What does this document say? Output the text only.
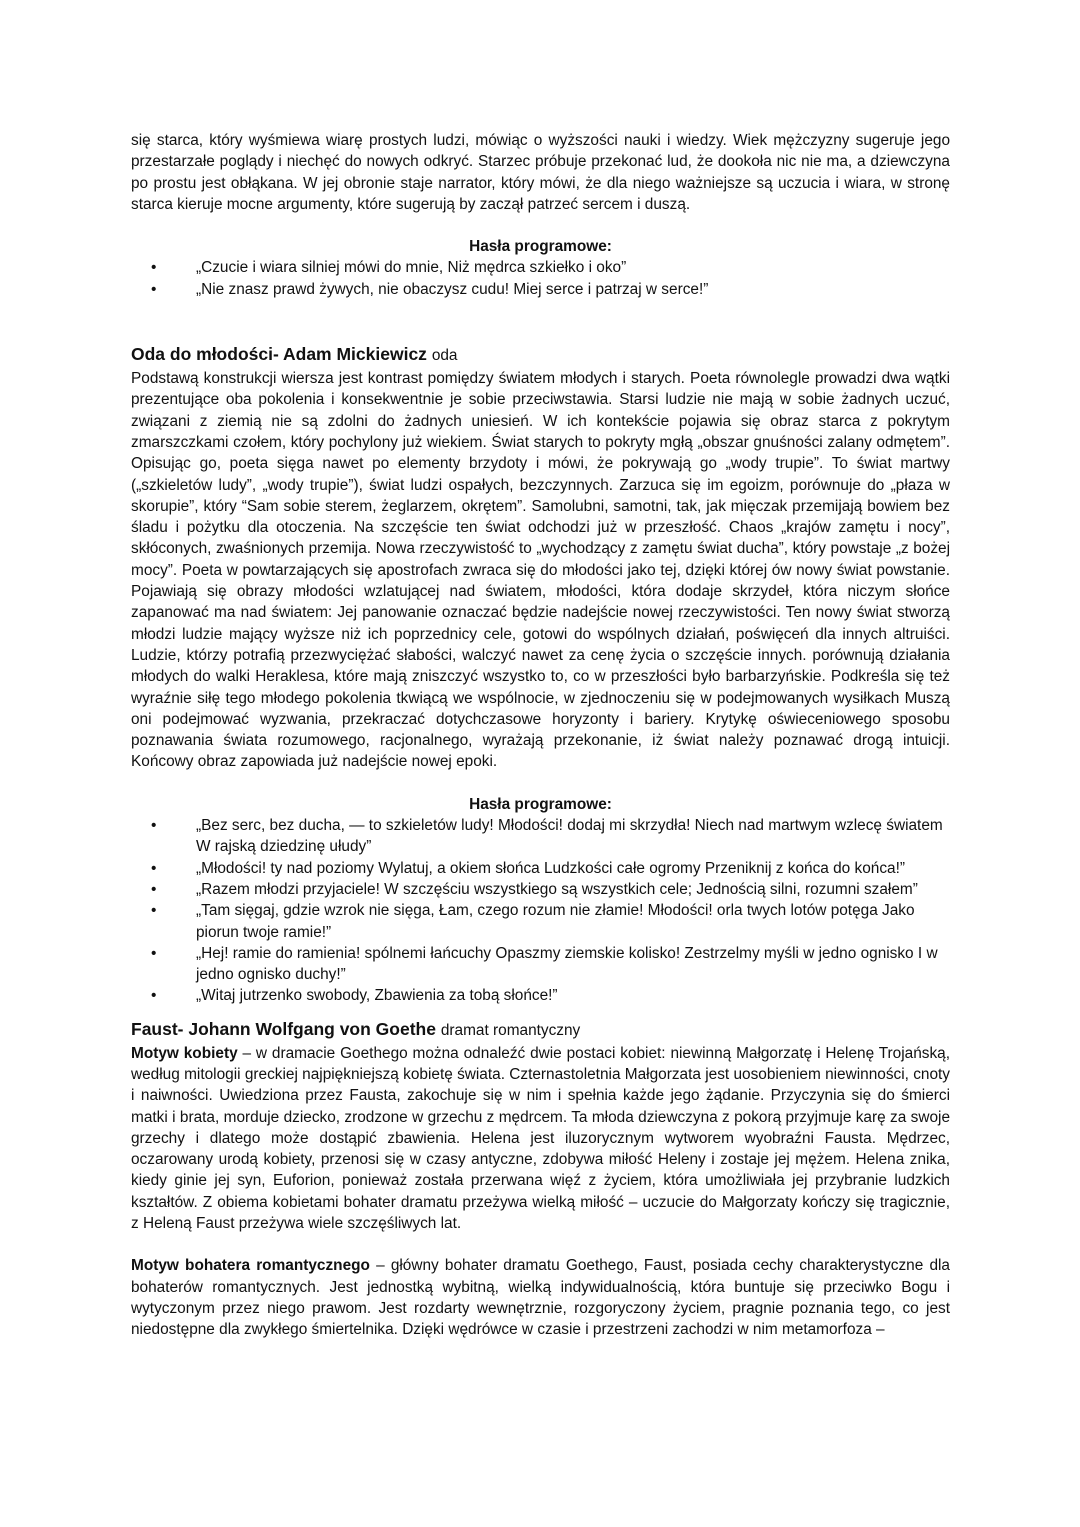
się starca, który wyśmiewa wiarę prostych ludzi, mówiąc o wyższości nauki i wiedzy. Wiek mężczyzny sugeruje jego przestarzałe poglądy i niechęć do nowych odkryć. Starzec próbuje przekonać lud, że dookoła nic nie ma, a dziewczyna po prostu jest obłąkana. W jej obronie staje narrator, który mówi, że dla niego ważniejsze są uczucia i wiara, w stronę starca kieruje mocne argumenty, które sugerują by zaczął patrzeć sercem i duszą.

Hasła programowe:

• „Czucie i wiara silniej mówi do mnie, Niż mędrca szkiełko i oko”
• „Nie znasz prawd żywych, nie obaczysz cudu! Miej serce i patrzaj w serce!”
Oda do młodości- Adam Mickiewicz oda

Podstawą konstrukcji wiersza jest kontrast pomiędzy światem młodych i starych. Poeta równolegle prowadzi dwa wątki prezentujące oba pokolenia i konsekwentnie je sobie przeciwstawia. Starsi ludzie nie mają w sobie żadnych uczuć, związani z ziemią nie są zdolni do żadnych uniesień. W ich kontekście pojawia się obraz starca z pokrytym zmarszczkami czołem, który pochylony już wiekiem. Świat starych to pokryty mgłą „obszar gnuśności zalany odmętem”. Opisując go, poeta sięga nawet po elementy brzydoty i mówi, że pokrywają go „wody trupie”. To świat martwy („szkieletów ludy”, „wody trupie”), świat ludzi ospałych, bezczynnych. Zarzuca się im egoizm, porównuje do „płaza w skorupie”, który “Sam sobie sterem, żeglarzem, okrętem”. Samolubni, samotni, tak, jak mięczak przemijają bowiem bez śladu i pożytku dla otoczenia. Na szczęście ten świat odchodzi już w przeszłość. Chaos „krajów zamętu i nocy”, skłóconych, zwaśnionych przemija. Nowa rzeczywistość to „wychodzący z zamętu świat ducha”, który powstaje „z bożej mocy”. Poeta w powtarzających się apostrofach zwraca się do młodości jako tej, dzięki której ów nowy świat powstanie. Pojawiają się obrazy młodości wzlatującej nad światem, młodości, która dodaje skrzydeł, która niczym słońce zapanować ma nad światem: Jej panowanie oznaczać będzie nadejście nowej rzeczywistości. Ten nowy świat stworzą młodzi ludzie mający wyższe niż ich poprzednicy cele, gotowi do wspólnych działań, poświęceń dla innych altruiści. Ludzie, którzy potrafią przezwyciężać słabości, walczyć nawet za cenę życia o szczęście innych. porównują działania młodych do walki Heraklesa, które mają zniszczyć wszystko to, co w przeszłości było barbarzyńskie. Podkreśla się też wyraźnie siłę tego młodego pokolenia tkwiącą we wspólnocie, w zjednoczeniu się w podejmowanych wysiłkach Muszą oni podejmować wyzwania, przekraczać dotychczasowe horyzonty i bariery. Krytykę oświeceniowego sposobu poznawania świata rozumowego, racjonalnego, wyrażają przekonanie, iż świat należy poznawać drogą intuicji. Końcowy obraz zapowiada już nadejście nowej epoki.

Hasła programowe:

• „Bez serc, bez ducha, — to szkieletów ludy! Młodości! dodaj mi skrzydła! Niech nad martwym wzlecę światem W rajską dziedzinę ułudy”
• „Młodości! ty nad poziomy Wylatuj, a okiem słońca Ludzkości całe ogromy Przeniknij z końca do końca!”
• „Razem młodzi przyjaciele! W szczęściu wszystkiego są wszystkich cele; Jednością silni, rozumni szałem”
• „Tam sięgaj, gdzie wzrok nie sięga, Łam, czego rozum nie złamie! Młodości! orla twych lotów potęga Jako piorun twoje ramie!”
• „Hej! ramie do ramienia! spólnemi łańcuchy Opaszmy ziemskie kolisko! Zestrzelmy myśli w jedno ognisko I w jedno ognisko duchy!”
• „Witaj jutrzenko swobody, Zbawienia za tobą słońce!”
Faust- Johann Wolfgang von Goethe dramat romantyczny

Motyw kobiety – w dramacie Goethego można odnaleźć dwie postaci kobiet: niewinną Małgorzatę i Helenę Trojańską, według mitologii greckiej najpiękniejszą kobietę świata. Czternastoletnia Małgorzata jest uosobieniem niewinności, cnoty i naiwności. Uwiedziona przez Fausta, zakochuje się w nim i spełnia każde jego żądanie. Przyczynia się do śmierci matki i brata, morduje dziecko, zrodzone w grzechu z mędrcem. Ta młoda dziewczyna z pokorą przyjmuje karę za swoje grzechy i dlatego może dostąpić zbawienia. Helena jest iluzorycznym wytworem wyobraźni Fausta. Mędrzec, oczarowany urodą kobiety, przenosi się w czasy antyczne, zdobywa miłość Heleny i zostaje jej mężem. Helena znika, kiedy ginie jej syn, Euforion, ponieważ została przerwana więź z życiem, która umożliwiała jej przybranie ludzkich kształtów. Z obiema kobietami bohater dramatu przeżywa wielką miłość – uczucie do Małgorzaty kończy się tragicznie, z Heleną Faust przeżywa wiele szczęśliwych lat.

Motyw bohatera romantycznego – główny bohater dramatu Goethego, Faust, posiada cechy charakterystyczne dla bohaterów romantycznych. Jest jednostką wybitną, wielką indywidualnością, która buntuje się przeciwko Bogu i wytyczonym przez niego prawom. Jest rozdarty wewnętrznie, rozgoryczony życiem, pragnie poznania tego, co jest niedostępne dla zwykłego śmiertelnika. Dzięki wędrówce w czasie i przestrzeni zachodzi w nim metamorfoza –
